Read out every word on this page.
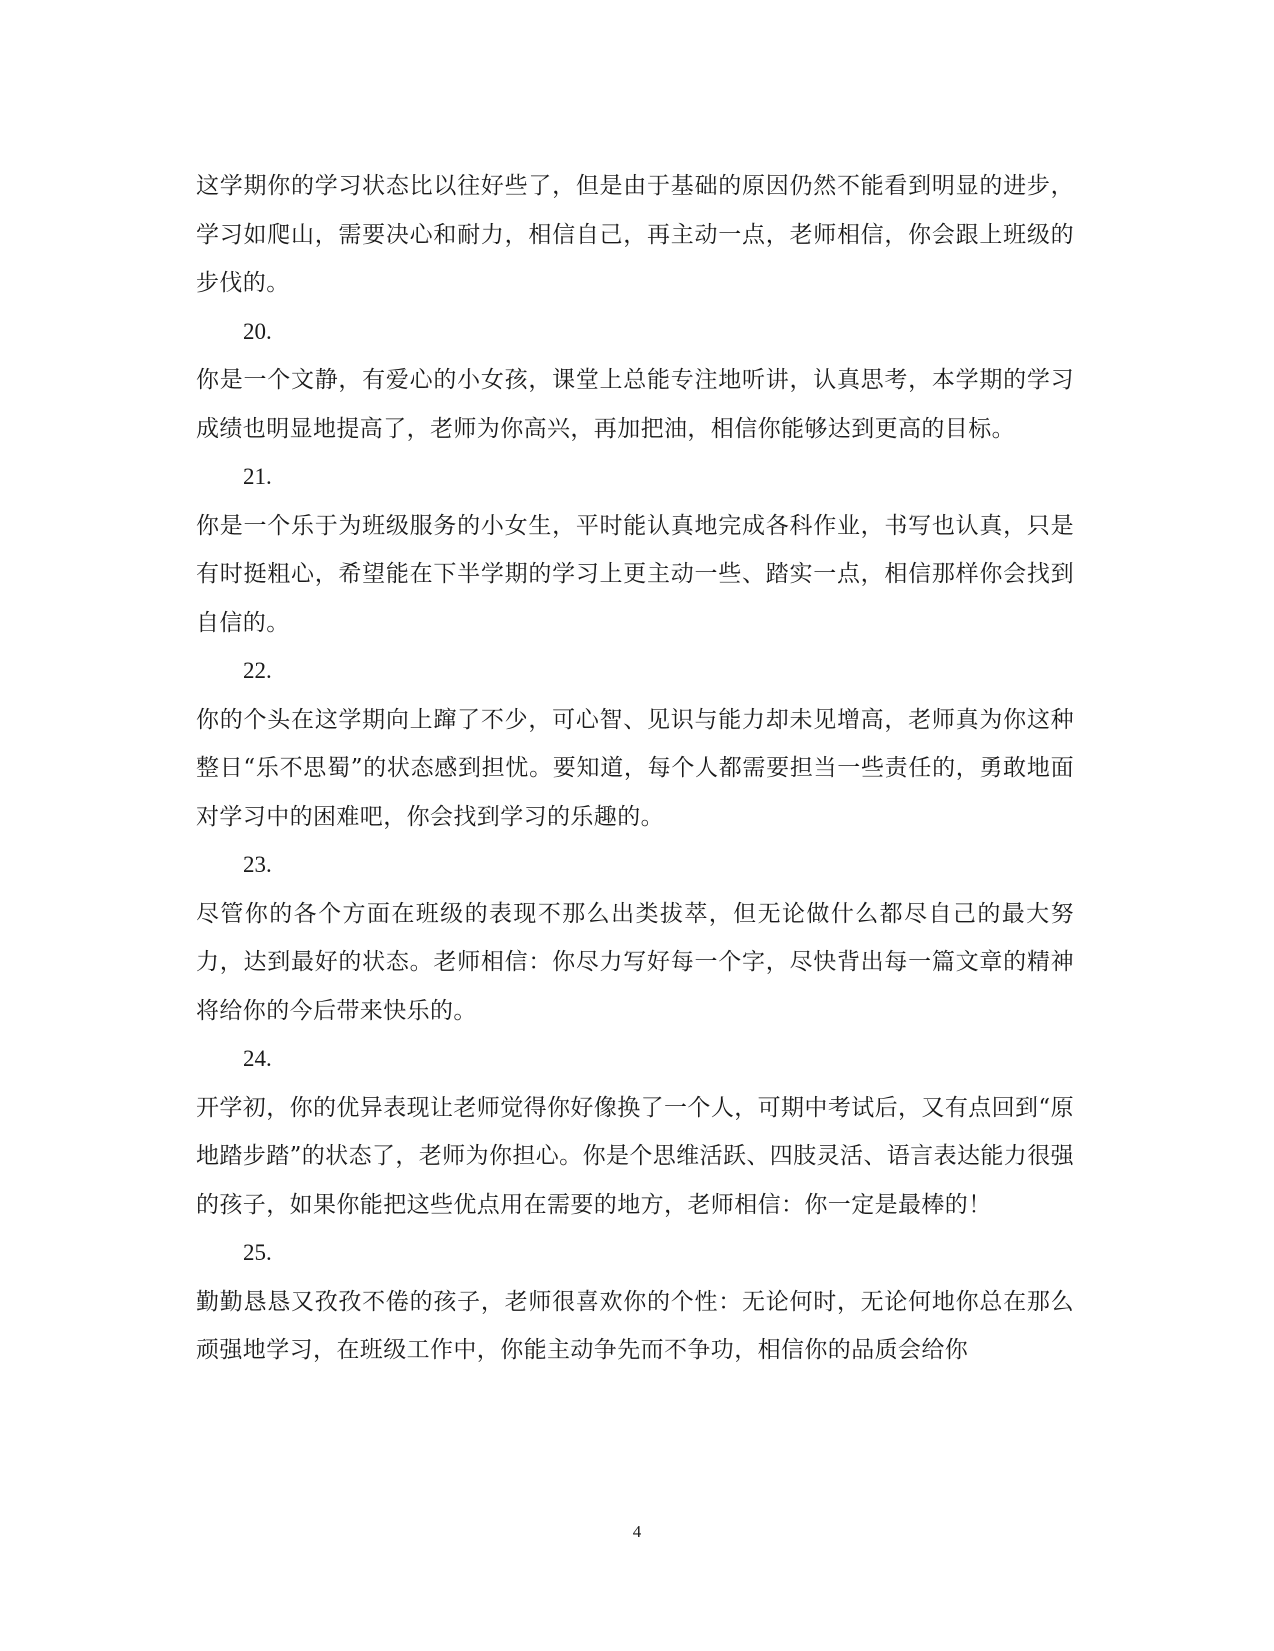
这学期你的学习状态比以往好些了，但是由于基础的原因仍然不能看到明显的进步，学习如爬山，需要决心和耐力，相信自己，再主动一点，老师相信，你会跟上班级的步伐的。

20.

你是一个文静，有爱心的小女孩，课堂上总能专注地听讲，认真思考，本学期的学习成绩也明显地提高了，老师为你高兴，再加把油，相信你能够达到更高的目标。

21.

你是一个乐于为班级服务的小女生，平时能认真地完成各科作业，书写也认真，只是有时挺粗心，希望能在下半学期的学习上更主动一些、踏实一点，相信那样你会找到自信的。

22.

你的个头在这学期向上蹿了不少，可心智、见识与能力却未见增高，老师真为你这种整日“乐不思蜀”的状态感到担忧。要知道，每个人都需要担当一些责任的，勇敢地面对学习中的困难吧，你会找到学习的乐趣的。

23.

尽管你的各个方面在班级的表现不那么出类拔萃，但无论做什么都尽自己的最大努力，达到最好的状态。老师相信：你尽力写好每一个字，尽快背出每一篇文章的精神将给你的今后带来快乐的。

24.

开学初，你的优异表现让老师觉得你好像换了一个人，可期中考试后，又有点回到“原地踏步踏”的状态了，老师为你担心。你是个思维活跃、四肢灵活、语言表达能力很强的孩子，如果你能把这些优点用在需要的地方，老师相信：你一定是最棒的！

25.

勤勤恳恳又孜孜不倦的孩子，老师很喜欢你的个性：无论何时，无论何地你总在那么顽强地学习，在班级工作中，你能主动争先而不争功，相信你的品质会给你

4
